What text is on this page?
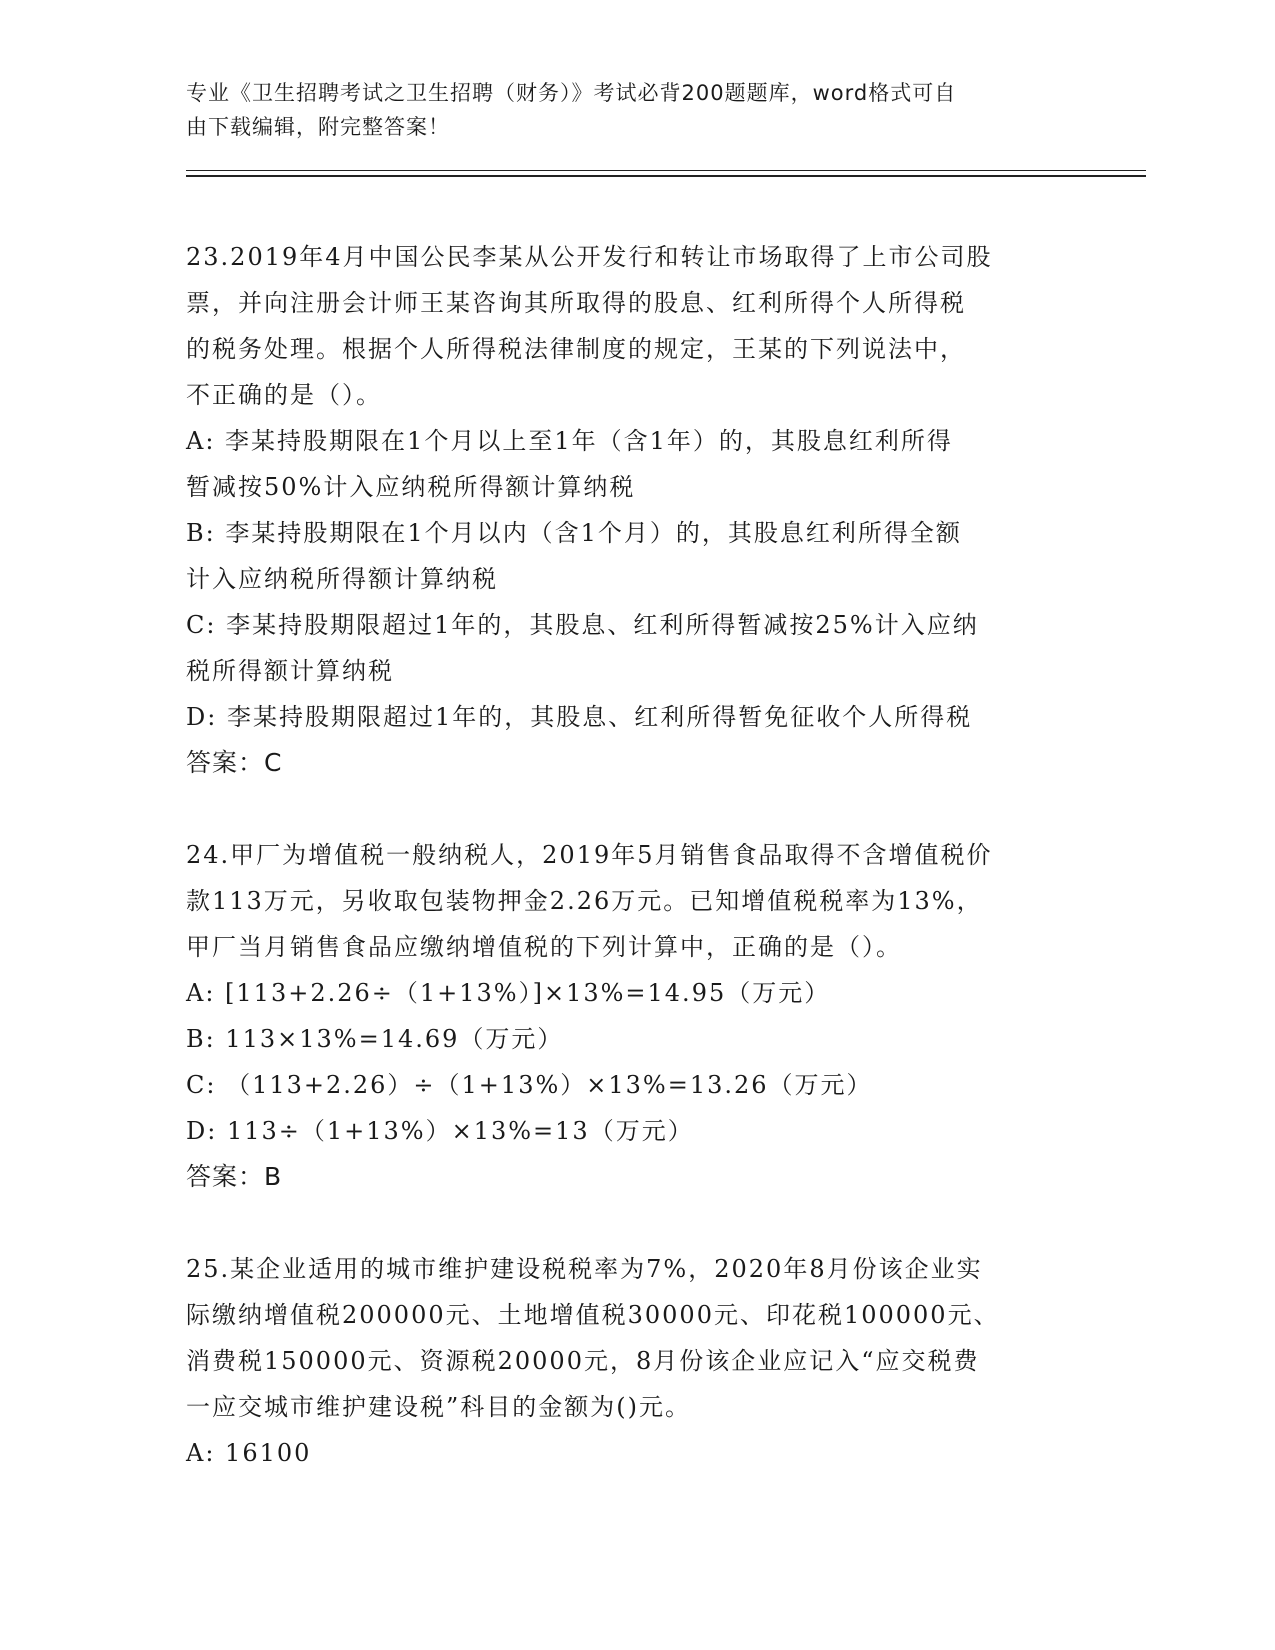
专业《卫生招聘考试之卫生招聘（财务）》考试必背200题题库，word格式可自
由下载编辑，附完整答案！

23.2019年4月中国公民李某从公开发行和转让市场取得了上市公司股

票，并向注册会计师王某咨询其所取得的股息、红利所得个人所得税

的税务处理。根据个人所得税法律制度的规定，王某的下列说法中，

不正确的是（）。

A: 李某持股期限在1个月以上至1年（含1年）的，其股息红利所得

暂减按50%计入应纳税所得额计算纳税

B: 李某持股期限在1个月以内（含1个月）的，其股息红利所得全额

计入应纳税所得额计算纳税

C: 李某持股期限超过1年的，其股息、红利所得暂减按25%计入应纳

税所得额计算纳税

D: 李某持股期限超过1年的，其股息、红利所得暂免征收个人所得税

答案：C

24.甲厂为增值税一般纳税人，2019年5月销售食品取得不含增值税价

款113万元，另收取包装物押金2.26万元。已知增值税税率为13%，

甲厂当月销售食品应缴纳增值税的下列计算中，正确的是（）。

A: [113+2.26÷（1+13%）]×13%=14.95（万元）

B: 113×13%=14.69（万元）

C: （113+2.26）÷（1+13%）×13%=13.26（万元）

D: 113÷（1+13%）×13%=13（万元）

答案：B

25.某企业适用的城市维护建设税税率为7%，2020年8月份该企业实

际缴纳增值税200000元、土地增值税30000元、印花税100000元、

消费税150000元、资源税20000元，8月份该企业应记入“应交税费

一应交城市维护建设税”科目的金额为()元。

A: 16100
